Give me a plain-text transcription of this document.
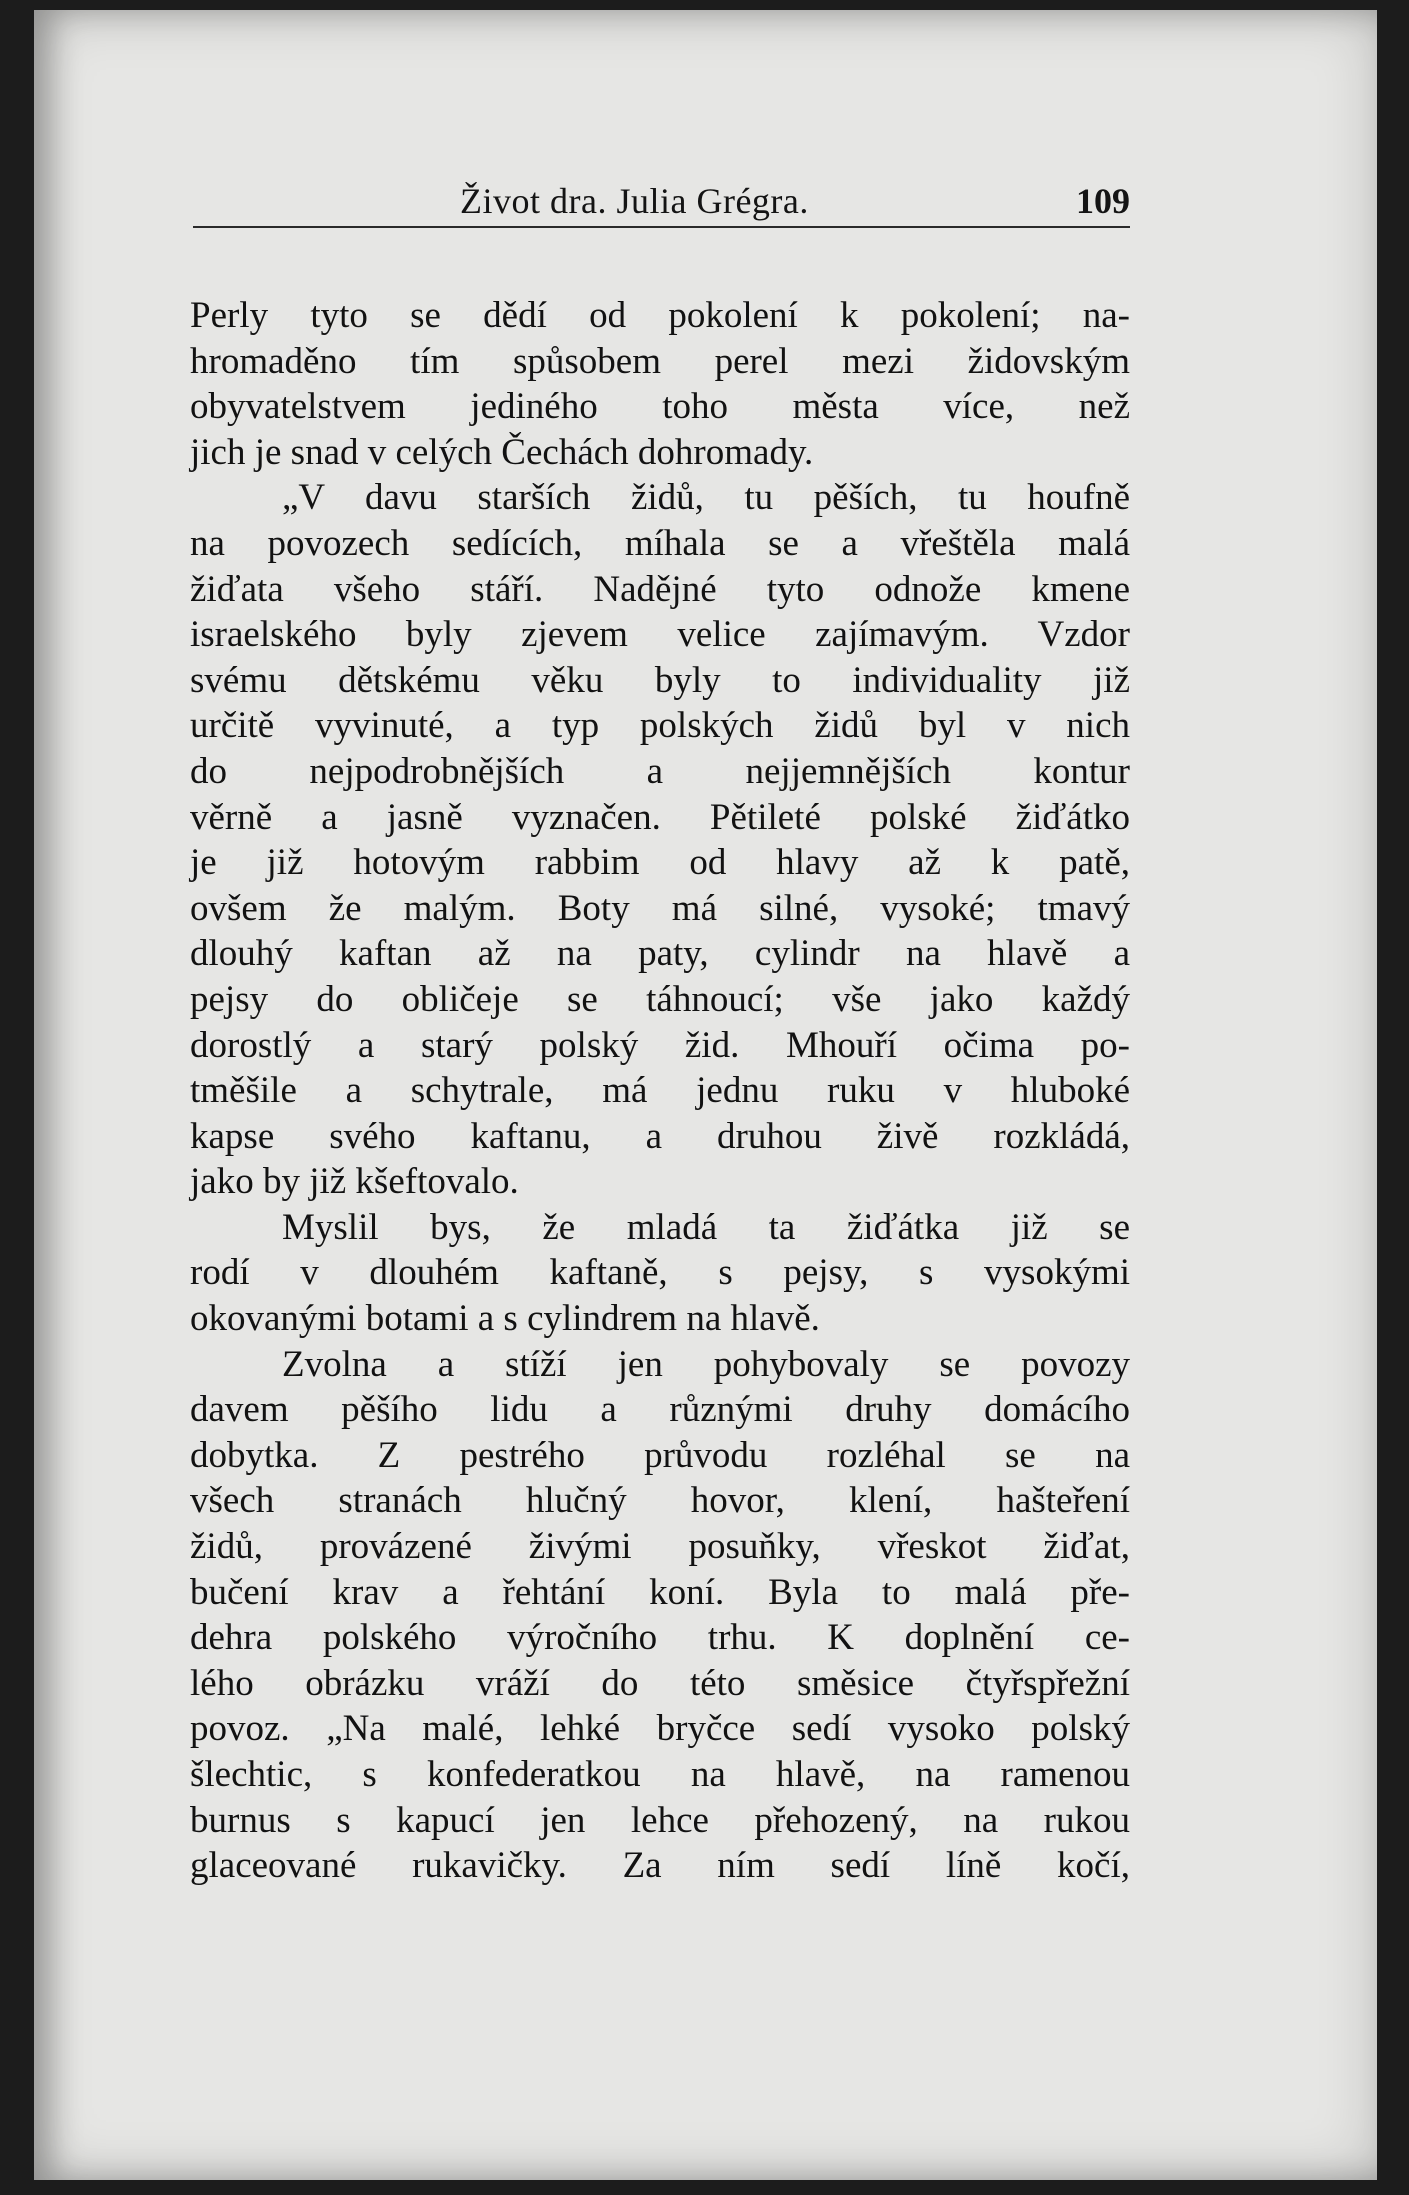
Život dra. Julia Grégra.	109
Perly tyto se dědí od pokolení k pokolení; na-
hromaděno tím spůsobem perel mezi židovským
obyvatelstvem jediného toho města více, než
jich je snad v celých Čechách dohromady.
„V davu starších židů, tu pěších, tu houfně
na povozech sedících, míhala se a vřeštěla malá
žiďata všeho stáří. Nadějné tyto odnože kmene
israelského byly zjevem velice zajímavým. Vzdor
svému dětskému věku byly to individuality již
určitě vyvinuté, a typ polských židů byl v nich
do nejpodrobnějších a nejjemnějších kontur
věrně a jasně vyznačen. Pětileté polské žiďátko
je již hotovým rabbim od hlavy až k patě,
ovšem že malým. Boty má silné, vysoké; tmavý
dlouhý kaftan až na paty, cylindr na hlavě a
pejsy do obličeje se táhnoucí; vše jako každý
dorostlý a starý polský žid. Mhouří očima po-
tměšile a schytrale, má jednu ruku v hluboké
kapse svého kaftanu, a druhou živě rozkládá,
jako by již kšeftovalo.
Myslil bys, že mladá ta žiďátka již se
rodí v dlouhém kaftaně, s pejsy, s vysokými
okovanými botami a s cylindrem na hlavě.
Zvolna a stíží jen pohybovaly se povozy
davem pěšího lidu a různými druhy domácího
dobytka. Z pestrého průvodu rozléhal se na
všech stranách hlučný hovor, klení, hašteření
židů, provázené živými posuňky, vřeskot žiďat,
bučení krav a řehtání koní. Byla to malá pře-
dehra polského výročního trhu. K doplnění ce-
lého obrázku vráží do této směsice čtyřspřežní
povoz. „Na malé, lehké bryčce sedí vysoko polský
šlechtic, s konfederatkou na hlavě, na ramenou
burnus s kapucí jen lehce přehozený, na rukou
glaceované rukavičky. Za ním sedí líně kočí,
